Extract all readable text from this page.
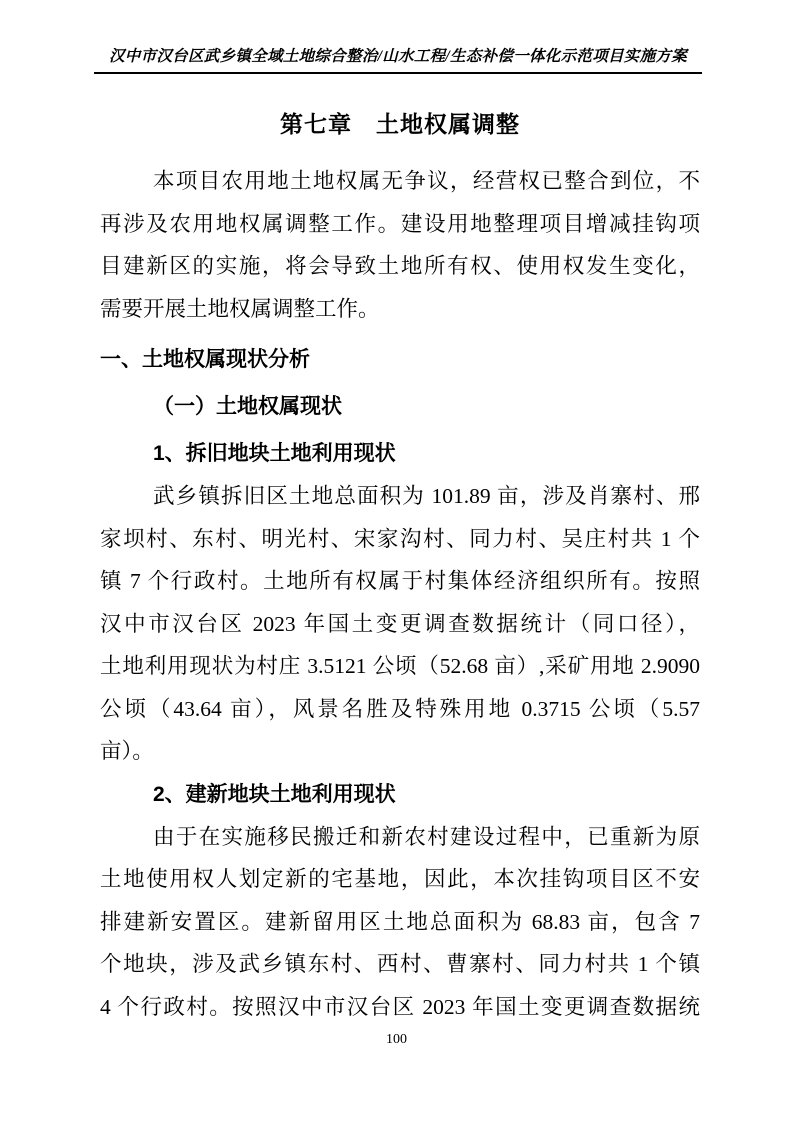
汉中市汉台区武乡镇全域土地综合整治/山水工程/生态补偿一体化示范项目实施方案
第七章　土地权属调整
本项目农用地土地权属无争议，经营权已整合到位，不
再涉及农用地权属调整工作。建设用地整理项目增减挂钩项
目建新区的实施，将会导致土地所有权、使用权发生变化，
需要开展土地权属调整工作。
一、土地权属现状分析
（一）土地权属现状
1、拆旧地块土地利用现状
武乡镇拆旧区土地总面积为 101.89 亩，涉及肖寨村、邢
家坝村、东村、明光村、宋家沟村、同力村、吴庄村共 1 个
镇 7 个行政村。土地所有权属于村集体经济组织所有。按照
汉中市汉台区 2023 年国土变更调查数据统计（同口径），
土地利用现状为村庄 3.5121 公顷（52.68 亩）,采矿用地 2.9090
公顷（43.64 亩），风景名胜及特殊用地 0.3715 公顷（5.57
亩）。
2、建新地块土地利用现状
由于在实施移民搬迁和新农村建设过程中，已重新为原
土地使用权人划定新的宅基地，因此，本次挂钩项目区不安
排建新安置区。建新留用区土地总面积为 68.83 亩，包含 7
个地块，涉及武乡镇东村、西村、曹寨村、同力村共 1 个镇
4 个行政村。按照汉中市汉台区 2023 年国土变更调查数据统
100
